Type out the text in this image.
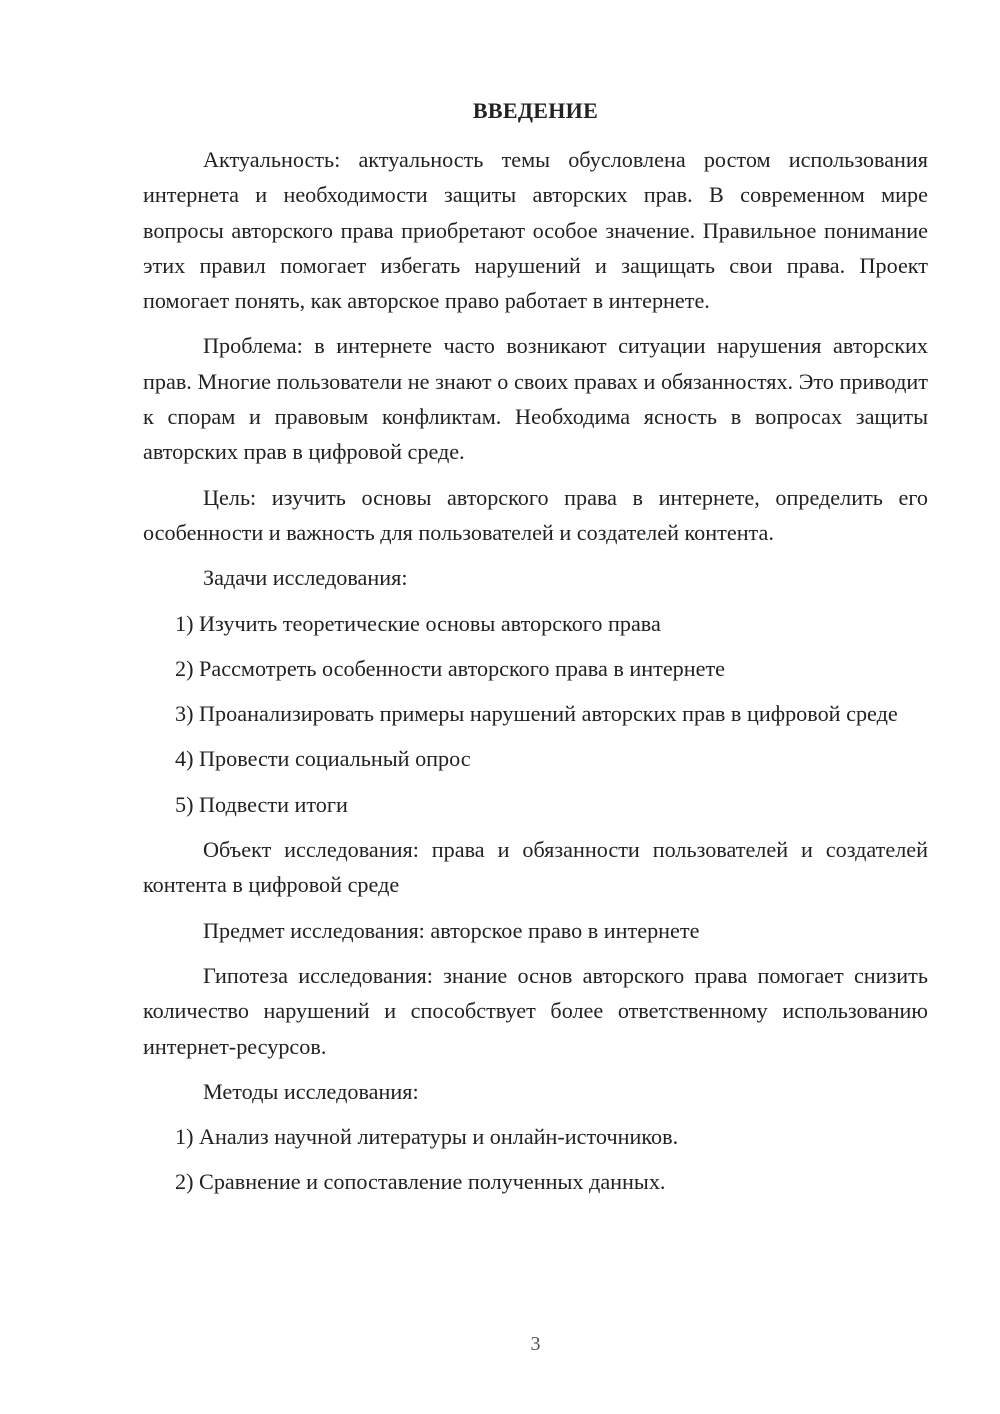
ВВЕДЕНИЕ

Актуальность: актуальность темы обусловлена ростом использования интернета и необходимости защиты авторских прав. В современном мире вопросы авторского права приобретают особое значение. Правильное понимание этих правил помогает избегать нарушений и защищать свои права. Проект помогает понять, как авторское право работает в интернете.

Проблема: в интернете часто возникают ситуации нарушения авторских прав. Многие пользователи не знают о своих правах и обязанностях. Это приводит к спорам и правовым конфликтам. Необходима ясность в вопросах защиты авторских прав в цифровой среде.

Цель: изучить основы авторского права в интернете, определить его особенности и важность для пользователей и создателей контента.

Задачи исследования:

1) Изучить теоретические основы авторского права

2) Рассмотреть особенности авторского права в интернете

3) Проанализировать примеры нарушений авторских прав в цифровой среде

4) Провести социальный опрос

5) Подвести итоги

Объект исследования: права и обязанности пользователей и создателей контента в цифровой среде

Предмет исследования: авторское право в интернете

Гипотеза исследования: знание основ авторского права помогает снизить количество нарушений и способствует более ответственному использованию интернет-ресурсов.

Методы исследования:

1) Анализ научной литературы и онлайн-источников.

2) Сравнение и сопоставление полученных данных.

3
